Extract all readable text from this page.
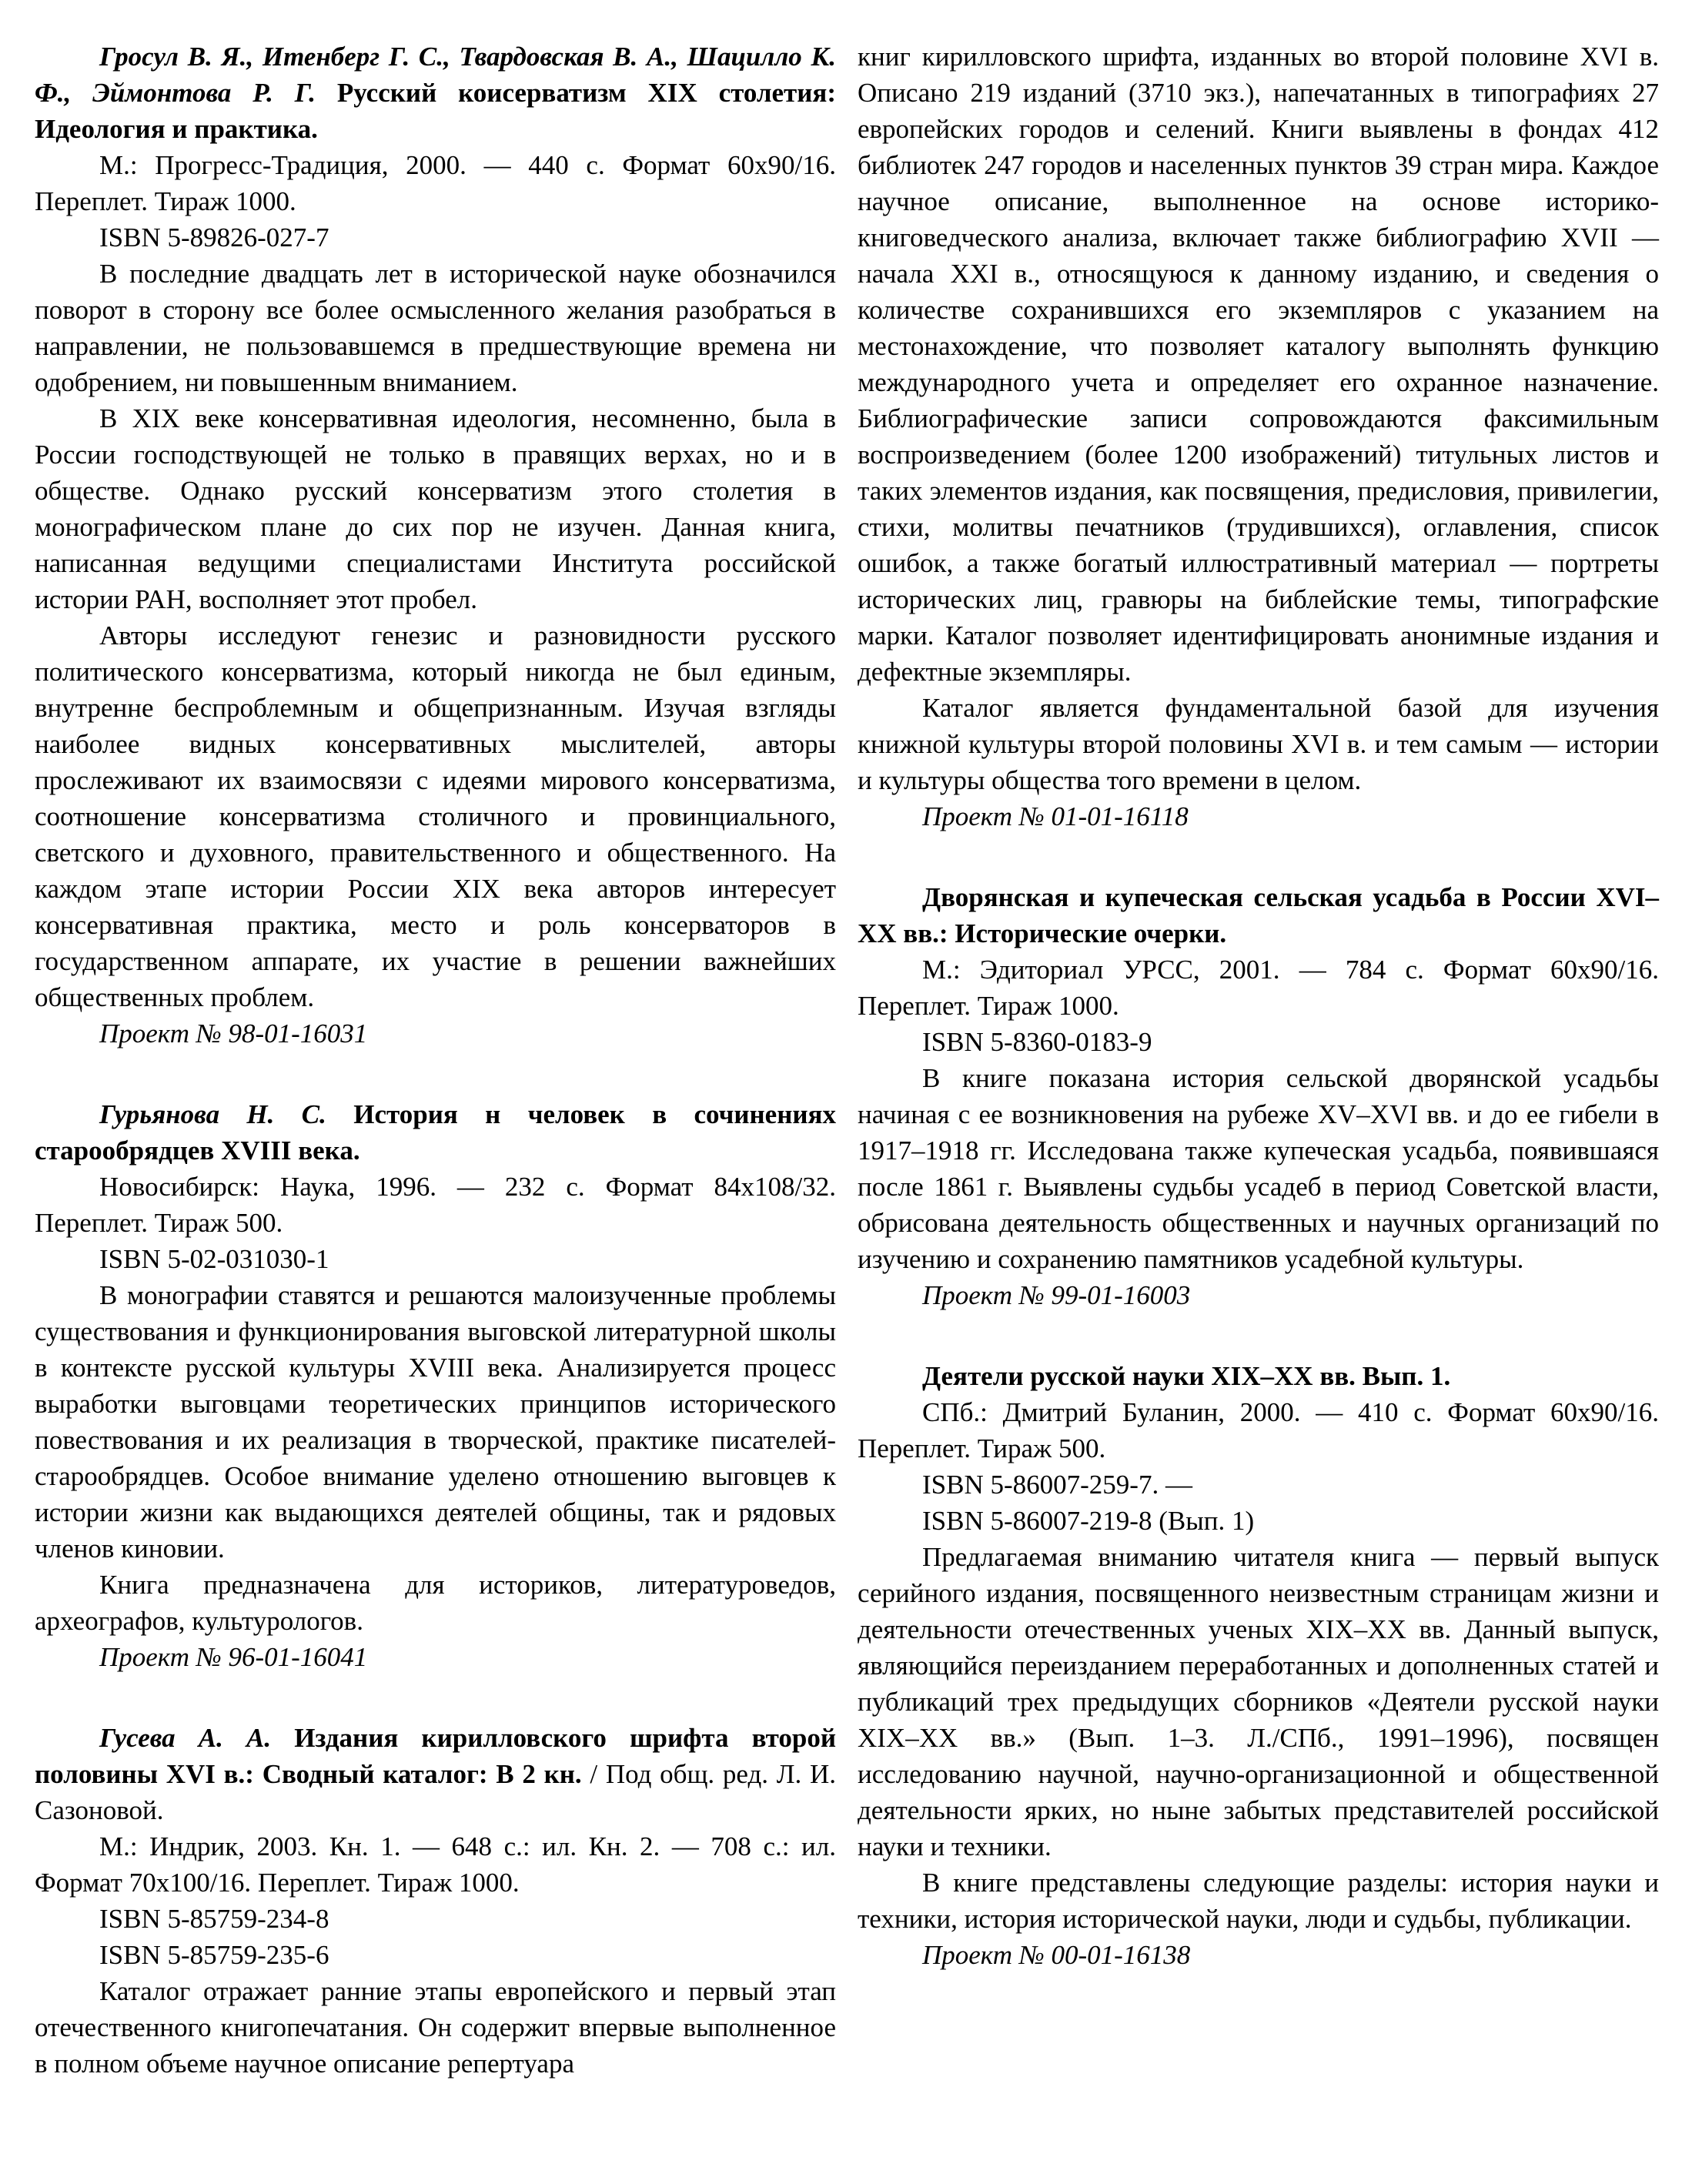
Гросул В. Я., Итенберг Г. С., Твардовская В. А., Шацилло К. Ф., Эймонтова Р. Г. Русский коисерватизм XIX столетия: Идеология и практика.

М.: Прогресс-Традиция, 2000. — 440 с. Формат 60х90/16. Переплет. Тираж 1000.

ISBN 5-89826-027-7

В последние двадцать лет в исторической науке обозначился поворот в сторону все более осмысленного желания разобраться в направлении, не пользовавшемся в предшествующие времена ни одобрением, ни повышенным вниманием.

В XIX веке консервативная идеология, несомненно, была в России господствующей не только в правящих верхах, но и в обществе. Однако русский консерватизм этого столетия в монографическом плане до сих пор не изучен. Данная книга, написанная ведущими специалистами Института российской истории РАН, восполняет этот пробел.

Авторы исследуют генезис и разновидности русского политического консерватизма, который никогда не был единым, внутренне беспроблемным и общепризнанным. Изучая взгляды наиболее видных консервативных мыслителей, авторы прослеживают их взаимосвязи с идеями мирового консерватизма, соотношение консерватизма столичного и провинциального, светского и духовного, правительственного и общественного. На каждом этапе истории России XIX века авторов интересует консервативная практика, место и роль консерваторов в государственном аппарате, их участие в решении важнейших общественных проблем.

Проект № 98-01-16031

Гурьянова Н. С. История н человек в сочинениях старообрядцев XVIII века.

Новосибирск: Наука, 1996. — 232 с. Формат 84х108/32. Переплет. Тираж 500.

ISBN 5-02-031030-1

В монографии ставятся и решаются малоизученные проблемы существования и функционирования выговской литературной школы в контексте русской культуры XVIII века. Анализируется процесс выработки выговцами теоретических принципов исторического повествования и их реализация в творческой, практике писателей-старообрядцев. Особое внимание уделено отношению выговцев к истории жизни как выдающихся деятелей общины, так и рядовых членов киновии.

Книга предназначена для историков, литературоведов, археографов, культурологов.

Проект № 96-01-16041

Гусева А. А. Издания кирилловского шрифта второй половины XVI в.: Сводный каталог: В 2 кн. / Под общ. ред. Л. И. Сазоновой.

М.: Индрик, 2003. Кн. 1. — 648 с.: ил. Кн. 2. — 708 с.: ил. Формат 70х100/16. Переплет. Тираж 1000.

ISBN 5-85759-234-8

ISBN 5-85759-235-6

Каталог отражает ранние этапы европейского и первый этап отечественного книгопечатания. Он содержит впервые выполненное в полном объеме научное описание репертуара

книг кирилловского шрифта, изданных во второй половине XVI в. Описано 219 изданий (3710 экз.), напечатанных в типографиях 27 европейских городов и селений. Книги выявлены в фондах 412 библиотек 247 городов и населенных пунктов 39 стран мира. Каждое научное описание, выполненное на основе историко-книговедческого анализа, включает также библиографию XVII — начала XXI в., относящуюся к данному изданию, и сведения о количестве сохранившихся его экземпляров с указанием на местонахождение, что позволяет каталогу выполнять функцию международного учета и определяет его охранное назначение. Библиографические записи сопровождаются факсимильным воспроизведением (более 1200 изображений) титульных листов и таких элементов издания, как посвящения, предисловия, привилегии, стихи, молитвы печатников (трудившихся), оглавления, список ошибок, а также богатый иллюстративный материал — портреты исторических лиц, гравюры на библейские темы, типографские марки. Каталог позволяет идентифицировать анонимные издания и дефектные экземпляры.

Каталог является фундаментальной базой для изучения книжной культуры второй половины XVI в. и тем самым — истории и культуры общества того времени в целом.

Проект № 01-01-16118

Дворянская и купеческая сельская усадьба в России XVI–XX вв.: Исторические очерки.

М.: Эдиториал УРСС, 2001. — 784 с. Формат 60х90/16. Переплет. Тираж 1000.

ISBN 5-8360-0183-9

В книге показана история сельской дворянской усадьбы начиная с ее возникновения на рубеже XV–XVI вв. и до ее гибели в 1917–1918 гг. Исследована также купеческая усадьба, появившаяся после 1861 г. Выявлены судьбы усадеб в период Советской власти, обрисована деятельность общественных и научных организаций по изучению и сохранению памятников усадебной культуры.

Проект № 99-01-16003

Деятели русской науки XIX–XX вв. Вып. 1.

СПб.: Дмитрий Буланин, 2000. — 410 с. Формат 60х90/16. Переплет. Тираж 500.

ISBN 5-86007-259-7. —

ISBN 5-86007-219-8 (Вып. 1)

Предлагаемая вниманию читателя книга — первый выпуск серийного издания, посвященного неизвестным страницам жизни и деятельности отечественных ученых XIX–XX вв. Данный выпуск, являющийся переизданием переработанных и дополненных статей и публикаций трех предыдущих сборников «Деятели русской науки XIX–XX вв.» (Вып. 1–3. Л./СПб., 1991–1996), посвящен исследованию научной, научно-организационной и общественной деятельности ярких, но ныне забытых представителей российской науки и техники.

В книге представлены следующие разделы: история науки и техники, история исторической науки, люди и судьбы, публикации.

Проект № 00-01-16138
